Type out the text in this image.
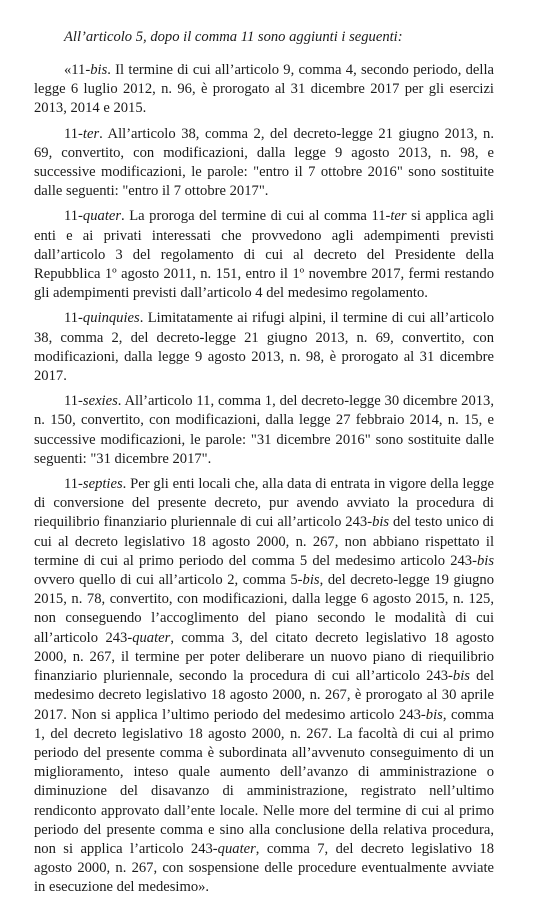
All’articolo 5, dopo il comma 11 sono aggiunti i seguenti:

«11-bis. Il termine di cui all’articolo 9, comma 4, secondo periodo, della legge 6 luglio 2012, n. 96, è prorogato al 31 dicembre 2017 per gli esercizi 2013, 2014 e 2015.

11-ter. All’articolo 38, comma 2, del decreto-legge 21 giugno 2013, n. 69, convertito, con modificazioni, dalla legge 9 agosto 2013, n. 98, e successive modificazioni, le parole: "entro il 7 ottobre 2016" sono sostituite dalle seguenti: "entro il 7 ottobre 2017".

11-quater. La proroga del termine di cui al comma 11-ter si applica agli enti e ai privati interessati che provvedono agli adempimenti previsti dall’articolo 3 del regolamento di cui al decreto del Presidente della Repubblica 1º agosto 2011, n. 151, entro il 1º novembre 2017, fermi restando gli adempimenti previsti dall’articolo 4 del medesimo regolamento.

11-quinquies. Limitatamente ai rifugi alpini, il termine di cui all’articolo 38, comma 2, del decreto-legge 21 giugno 2013, n. 69, convertito, con modificazioni, dalla legge 9 agosto 2013, n. 98, è prorogato al 31 dicembre 2017.

11-sexies. All’articolo 11, comma 1, del decreto-legge 30 dicembre 2013, n. 150, convertito, con modificazioni, dalla legge 27 febbraio 2014, n. 15, e successive modificazioni, le parole: "31 dicembre 2016" sono sostituite dalle seguenti: "31 dicembre 2017".

11-septies. Per gli enti locali che, alla data di entrata in vigore della legge di conversione del presente decreto, pur avendo avviato la procedura di riequilibrio finanziario pluriennale di cui all’articolo 243-bis del testo unico di cui al decreto legislativo 18 agosto 2000, n. 267, non abbiano rispettato il termine di cui al primo periodo del comma 5 del medesimo articolo 243-bis ovvero quello di cui all’articolo 2, comma 5-bis, del decreto-legge 19 giugno 2015, n. 78, convertito, con modificazioni, dalla legge 6 agosto 2015, n. 125, non conseguendo l’accoglimento del piano secondo le modalità di cui all’articolo 243-quater, comma 3, del citato decreto legislativo 18 agosto 2000, n. 267, il termine per poter deliberare un nuovo piano di riequilibrio finanziario pluriennale, secondo la procedura di cui all’articolo 243-bis del medesimo decreto legislativo 18 agosto 2000, n. 267, è prorogato al 30 aprile 2017. Non si applica l’ultimo periodo del medesimo articolo 243-bis, comma 1, del decreto legislativo 18 agosto 2000, n. 267. La facoltà di cui al primo periodo del presente comma è subordinata all’avvenuto conseguimento di un miglioramento, inteso quale aumento dell’avanzo di amministrazione o diminuzione del disavanzo di amministrazione, registrato nell’ultimo rendiconto approvato dall’ente locale. Nelle more del termine di cui al primo periodo del presente comma e sino alla conclusione della relativa procedura, non si applica l’articolo 243-quater, comma 7, del decreto legislativo 18 agosto 2000, n. 267, con sospensione delle procedure eventualmente avviate in esecuzione del medesimo».
